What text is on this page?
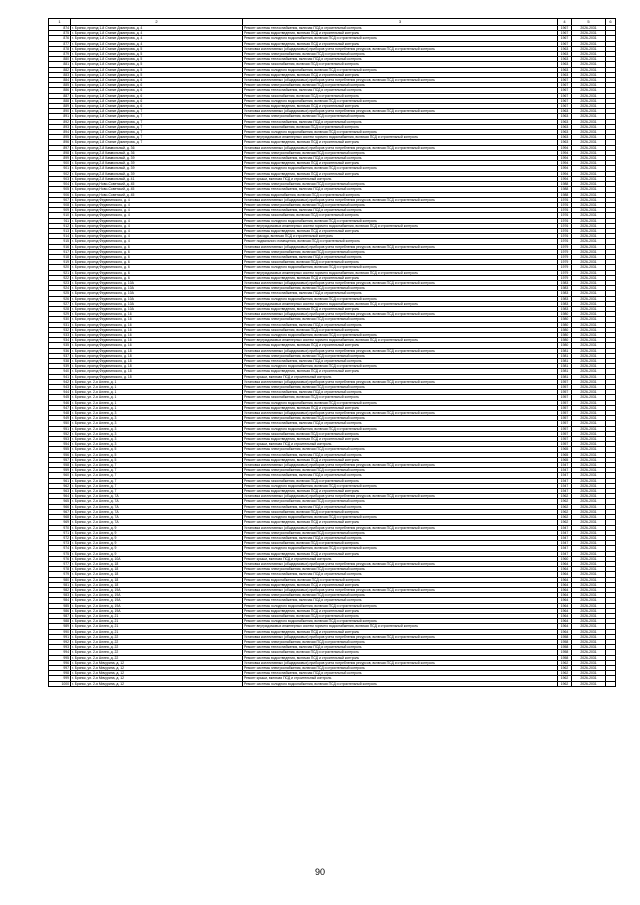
1	2	3	4	5	6
874	г. Брянск, проезд 1-й Станке Димитрова, д. 4	Ремонт системы теплоснабжения, включая ПСД и строительный контроль	1967	2026-2031	
875	г. Брянск, проезд 1-й Станке Димитрова, д. 4	Ремонт системы водоотведения, включая ПСД и строительный контроль	1967	2026-2031	
876	г. Брянск, проезд 1-й Станке Димитрова, д. 4	Ремонт системы холодного водоснабжения, включая ПСД и строительный контроль	1967	2026-2031	
877	г. Брянск, проезд 1-й Станке Димитрова, д. 4	Ремонт системы водоотведения, включая ПСД и строительный контроль	1967	2026-2031	
878	г. Брянск, проезд 1-й Станке Димитрова, д. 5	Установка коллективных (общедомовых) приборов учета потребления ресурсов, включая ПСД и строительный контроль	1963	2026-2031	
879	г. Брянск, проезд 1-й Станке Димитрова, д. 5	Ремонт системы электроснабжения, включая ПСД и строительный контроль	1963	2026-2031	
880	г. Брянск, проезд 1-й Станке Димитрова, д. 5	Ремонт системы теплоснабжения, включая ПСД и строительный контроль	1963	2026-2031	
881	г. Брянск, проезд 1-й Станке Димитрова, д. 5	Ремонт системы газоснабжения, включая ПСД и строительный контроль	1963	2026-2031	
882	г. Брянск, проезд 1-й Станке Димитрова, д. 5	Ремонт системы холодного водоснабжения, включая ПСД и строительный контроль	1963	2026-2031	
883	г. Брянск, проезд 1-й Станке Димитрова, д. 5	Ремонт системы водоотведения, включая ПСД и строительный контроль	1963	2026-2031	
884	г. Брянск, проезд 1-й Станке Димитрова, д. 6	Установка коллективных (общедомовых) приборов учета потребления ресурсов, включая ПСД и строительный контроль	1967	2026-2031	
885	г. Брянск, проезд 1-й Станке Димитрова, д. 6	Ремонт системы электроснабжения, включая ПСД и строительный контроль	1967	2026-2031	
886	г. Брянск, проезд 1-й Станке Димитрова, д. 6	Ремонт системы теплоснабжения, включая ПСД и строительный контроль	1967	2026-2031	
887	г. Брянск, проезд 1-й Станке Димитрова, д. 6	Ремонт системы газоснабжения, включая ПСД и строительный контроль	1967	2026-2031	
888	г. Брянск, проезд 1-й Станке Димитрова, д. 6	Ремонт системы холодного водоснабжения, включая ПСД и строительный контроль	1967	2026-2031	
889	г. Брянск, проезд 1-й Станке Димитрова, д. 6	Ремонт системы водоотведения, включая ПСД и строительный контроль	1967	2026-2031	
890	г. Брянск, проезд 1-й Станке Димитрова, д. 7	Установка коллективных (общедомовых) приборов учета потребления ресурсов, включая ПСД и строительный контроль	1963	2026-2031	
891	г. Брянск, проезд 1-й Станке Димитрова, д. 7	Ремонт системы электроснабжения, включая ПСД и строительный контроль	1963	2026-2031	
892	г. Брянск, проезд 1-й Станке Димитрова, д. 7	Ремонт системы теплоснабжения, включая ПСД и строительный контроль	1963	2026-2031	
893	г. Брянск, проезд 1-й Станке Димитрова, д. 7	Ремонт системы газоснабжения, включая ПСД и строительный контроль	1963	2026-2031	
894	г. Брянск, проезд 1-й Станке Димитрова, д. 7	Ремонт системы холодного водоснабжения, включая ПСД и строительный контроль	1963	2026-2031	
895	г. Брянск, проезд 1-й Станке Димитрова, д. 7	Ремонт внутридомовых инженерных систем горячего водоснабжения, включая ПСД и строительный контроль	1963	2026-2031	
896	г. Брянск, проезд 1-й Станке Димитрова, д. 7	Ремонт системы водоотведения, включая ПСД и строительный контроль	1963	2026-2031	
897	г. Брянск, проезд 2-й Камвольный, д. 36	Установка коллективных (общедомовых) приборов учета потребления ресурсов, включая ПСД и строительный контроль	1994	2026-2031	
898	г. Брянск, проезд 2-й Камвольный, д. 36	Ремонт системы электроснабжения, включая ПСД и строительный контроль	1994	2026-2031	
899	г. Брянск, проезд 2-й Камвольный, д. 39	Ремонт системы теплоснабжения, включая ПСД и строительный контроль	1994	2026-2031	
900	г. Брянск, проезд 2-й Камвольный, д. 39	Ремонт системы водоотведения, включая ПСД и строительный контроль	1994	2026-2031	
901	г. Брянск, проезд 2-й Камвольный, д. 39	Ремонт системы холодного водоснабжения, включая ПСД и строительный контроль	1994	2026-2031	
902	г. Брянск, проезд 2-й Камвольный, д. 39	Ремонт системы водоотведения, включая ПСД и строительный контроль	1994	2026-2031	
903	г. Брянск, проезд 2-й Камвольный, д. 41	Ремонт крыши, включая ПСД и строительный контроль	1994	2026-2031	
904	г. Брянск, проезд Ново-Советский, д. 45	Ремонт системы электроснабжения, включая ПСД и строительный контроль	1988	2026-2031	
905	г. Брянск, проезд Ново-Советский, д. 45	Ремонт системы теплоснабжения, включая ПСД и строительный контроль	1988	2026-2031	
906	г. Брянск, проезд Ново-Советский, д. 45	Ремонт системы водоснабжения, включая ПСД и строительный контроль	1988	2026-2031	
907	г. Брянск, проезд Федюнинского, д. 4	Установка коллективных (общедомовых) приборов учета потребления ресурсов, включая ПСД и строительный контроль	1976	2026-2031	
908	г. Брянск, проезд Федюнинского, д. 4	Ремонт системы электроснабжения, включая ПСД и строительный контроль	1976	2026-2031	
909	г. Брянск, проезд Федюнинского, д. 4	Ремонт системы теплоснабжения, включая ПСД и строительный контроль	1976	2026-2031	
910	г. Брянск, проезд Федюнинского, д. 4	Ремонт системы газоснабжения, включая ПСД и строительный контроль	1976	2026-2031	
911	г. Брянск, проезд Федюнинского, д. 4	Ремонт системы холодного водоснабжения, включая ПСД и строительный контроль	1976	2026-2031	
912	г. Брянск, проезд Федюнинского, д. 4	Ремонт внутридомовых инженерных систем горячего водоснабжения, включая ПСД и строительный контроль	1976	2026-2031	
913	г. Брянск, проезд Федюнинского, д. 4	Ремонт системы водоотведения, включая ПСД и строительный контроль	1976	2026-2031	
914	г. Брянск, проезд Федюнинского, д. 4	Ремонт фасада, включая ПСД и строительный контроль	1976	2026-2031	
915	г. Брянск, проезд Федюнинского, д. 4	Ремонт подвального помещения, включая ПСД и строительный контроль	1976	2026-2031	
916	г. Брянск, проезд Федюнинского, д. 6	Установка коллективных (общедомовых) приборов учета потребления ресурсов, включая ПСД и строительный контроль	1979	2026-2031	
917	г. Брянск, проезд Федюнинского, д. 6	Ремонт системы электроснабжения, включая ПСД и строительный контроль	1979	2026-2031	
918	г. Брянск, проезд Федюнинского, д. 6	Ремонт системы теплоснабжения, включая ПСД и строительный контроль	1979	2026-2031	
919	г. Брянск, проезд Федюнинского, д. 6	Ремонт системы газоснабжения, включая ПСД и строительный контроль	1979	2026-2031	
920	г. Брянск, проезд Федюнинского, д. 6	Ремонт системы холодного водоснабжения, включая ПСД и строительный контроль	1979	2026-2031	
921	г. Брянск, проезд Федюнинского, д. 6	Ремонт внутридомовых инженерных систем горячего водоснабжения, включая ПСД и строительный контроль	1979	2026-2031	
922	г. Брянск, проезд Федюнинского, д. 6	Ремонт системы водоотведения, включая ПСД и строительный контроль	1979	2026-2031	
923	г. Брянск, проезд Федюнинского, д. 10А	Установка коллективных (общедомовых) приборов учета потребления ресурсов, включая ПСД и строительный контроль	1983	2026-2031	
924	г. Брянск, проезд Федюнинского, д. 10А	Ремонт системы электроснабжения, включая ПСД и строительный контроль	1983	2026-2031	
925	г. Брянск, проезд Федюнинского, д. 10А	Ремонт системы теплоснабжения, включая ПСД и строительный контроль	1983	2026-2031	
926	г. Брянск, проезд Федюнинского, д. 10А	Ремонт системы холодного водоснабжения, включая ПСД и строительный контроль	1983	2026-2031	
927	г. Брянск, проезд Федюнинского, д. 10А	Ремонт внутридомовых инженерных систем горячего водоснабжения, включая ПСД и строительный контроль	1983	2026-2031	
928	г. Брянск, проезд Федюнинского, д. 10А	Ремонт системы водоотведения, включая ПСД и строительный контроль	1983	2026-2031	
929	г. Брянск, проезд Федюнинского, д. 16	Установка коллективных (общедомовых) приборов учета потребления ресурсов, включая ПСД и строительный контроль	1980	2026-2031	
930	г. Брянск, проезд Федюнинского, д. 16	Ремонт системы электроснабжения, включая ПСД и строительный контроль	1980	2026-2031	
931	г. Брянск, проезд Федюнинского, д. 16	Ремонт системы теплоснабжения, включая ПСД и строительный контроль	1980	2026-2031	
932	г. Брянск, проезд Федюнинского, д. 16	Ремонт системы газоснабжения, включая ПСД и строительный контроль	1980	2026-2031	
933	г. Брянск, проезд Федюнинского, д. 16	Ремонт системы холодного водоснабжения, включая ПСД и строительный контроль	1980	2026-2031	
934	г. Брянск, проезд Федюнинского, д. 16	Ремонт внутридомовых инженерных систем горячего водоснабжения, включая ПСД и строительный контроль	1980	2026-2031	
935	г. Брянск, проезд Федюнинского, д. 16	Ремонт системы водоотведения, включая ПСД и строительный контроль	1980	2026-2031	
936	г. Брянск, проезд Федюнинского, д. 18	Установка коллективных (общедомовых) приборов учета потребления ресурсов, включая ПСД и строительный контроль	1981	2026-2031	
937	г. Брянск, проезд Федюнинского, д. 18	Ремонт системы электроснабжения, включая ПСД и строительный контроль	1981	2026-2031	
938	г. Брянск, проезд Федюнинского, д. 18	Ремонт системы теплоснабжения, включая ПСД и строительный контроль	1981	2026-2031	
939	г. Брянск, проезд Федюнинского, д. 18	Ремонт системы холодного водоснабжения, включая ПСД и строительный контроль	1981	2026-2031	
940	г. Брянск, проезд Федюнинского, д. 18	Ремонт системы водоотведения, включая ПСД и строительный контроль	1981	2026-2031	
941	г. Брянск, проезд Федюнинского, д. 18	Ремонт крыши, включая ПСД и строительный контроль	1981	2026-2031	
942	г. Брянск, ул. 2-я Аллея, д. 1	Установка коллективных (общедомовых) приборов учета потребления ресурсов, включая ПСД и строительный контроль	1957	2026-2031	
943	г. Брянск, ул. 2-я Аллея, д. 1	Ремонт системы электроснабжения, включая ПСД и строительный контроль	1957	2026-2031	
944	г. Брянск, ул. 2-я Аллея, д. 1	Ремонт системы теплоснабжения, включая ПСД и строительный контроль	1957	2026-2031	
945	г. Брянск, ул. 2-я Аллея, д. 1	Ремонт системы газоснабжения, включая ПСД и строительный контроль	1957	2026-2031	
946	г. Брянск, ул. 2-я Аллея, д. 1	Ремонт системы холодного водоснабжения, включая ПСД и строительный контроль	1957	2026-2031	
947	г. Брянск, ул. 2-я Аллея, д. 1	Ремонт системы водоотведения, включая ПСД и строительный контроль	1957	2026-2031	
948	г. Брянск, ул. 2-я Аллея, д. 3	Установка коллективных (общедомовых) приборов учета потребления ресурсов, включая ПСД и строительный контроль	1957	2026-2031	
949	г. Брянск, ул. 2-я Аллея, д. 3	Ремонт системы электроснабжения, включая ПСД и строительный контроль	1957	2026-2031	
950	г. Брянск, ул. 2-я Аллея, д. 3	Ремонт системы теплоснабжения, включая ПСД и строительный контроль	1957	2026-2031	
951	г. Брянск, ул. 2-я Аллея, д. 3	Ремонт системы холодного водоснабжения, включая ПСД и строительный контроль	1957	2026-2031	
952	г. Брянск, ул. 2-я Аллея, д. 3	Ремонт системы газоснабжения, включая ПСД и строительный контроль	1957	2026-2031	
953	г. Брянск, ул. 2-я Аллея, д. 3	Ремонт системы водоотведения, включая ПСД и строительный контроль	1957	2026-2031	
954	г. Брянск, ул. 2-я Аллея, д. 3	Ремонт крыши, включая ПСД и строительный контроль	1957	2026-2031	
955	г. Брянск, ул. 2-я Аллея, д. 5	Ремонт системы электроснабжения, включая ПСД и строительный контроль	1965	2026-2031	
956	г. Брянск, ул. 2-я Аллея, д. 5	Ремонт системы теплоснабжения, включая ПСД и строительный контроль	1965	2026-2031	
957	г. Брянск, ул. 2-я Аллея, д. 5	Ремонт системы водоотведения, включая ПСД и строительный контроль	1965	2026-2031	
958	г. Брянск, ул. 2-я Аллея, д. 7	Установка коллективных (общедомовых) приборов учета потребления ресурсов, включая ПСД и строительный контроль	1947	2026-2031	
959	г. Брянск, ул. 2-я Аллея, д. 7	Ремонт системы электроснабжения, включая ПСД и строительный контроль	1947	2026-2031	
960	г. Брянск, ул. 2-я Аллея, д. 7	Ремонт системы теплоснабжения, включая ПСД и строительный контроль	1947	2026-2031	
961	г. Брянск, ул. 2-я Аллея, д. 7	Ремонт системы газоснабжения, включая ПСД и строительный контроль	1947	2026-2031	
962	г. Брянск, ул. 2-я Аллея, д. 7	Ремонт системы холодного водоснабжения, включая ПСД и строительный контроль	1947	2026-2031	
963	г. Брянск, ул. 2-я Аллея, д. 7	Ремонт системы водоотведения, включая ПСД и строительный контроль	1947	2026-2031	
964	г. Брянск, ул. 2-я Аллея, д. 7А	Установка коллективных (общедомовых) приборов учета потребления ресурсов, включая ПСД и строительный контроль	1962	2026-2031	
965	г. Брянск, ул. 2-я Аллея, д. 7А	Ремонт системы электроснабжения, включая ПСД и строительный контроль	1962	2026-2031	
966	г. Брянск, ул. 2-я Аллея, д. 7А	Ремонт системы теплоснабжения, включая ПСД и строительный контроль	1962	2026-2031	
967	г. Брянск, ул. 2-я Аллея, д. 7А	Ремонт системы газоснабжения, включая ПСД и строительный контроль	1962	2026-2031	
968	г. Брянск, ул. 2-я Аллея, д. 7А	Ремонт системы холодного водоснабжения, включая ПСД и строительный контроль	1962	2026-2031	
969	г. Брянск, ул. 2-я Аллея, д. 7А	Ремонт системы водоотведения, включая ПСД и строительный контроль	1962	2026-2031	
970	г. Брянск, ул. 2-я Аллея, д. 9	Установка коллективных (общедомовых) приборов учета потребления ресурсов, включая ПСД и строительный контроль	1947	2026-2031	
971	г. Брянск, ул. 2-я Аллея, д. 9	Ремонт системы электроснабжения, включая ПСД и строительный контроль	1947	2026-2031	
972	г. Брянск, ул. 2-я Аллея, д. 9	Ремонт системы теплоснабжения, включая ПСД и строительный контроль	1947	2026-2031	
973	г. Брянск, ул. 2-я Аллея, д. 9	Ремонт системы газоснабжения, включая ПСД и строительный контроль	1947	2026-2031	
974	г. Брянск, ул. 2-я Аллея, д. 9	Ремонт системы холодного водоснабжения, включая ПСД и строительный контроль	1947	2026-2031	
975	г. Брянск, ул. 2-я Аллея, д. 9	Ремонт системы водоотведения, включая ПСД и строительный контроль	1947	2026-2031	
976	г. Брянск, ул. 2-я Аллея, д. 10А	Ремонт крыши, включая ПСД и строительный контроль	1960	2026-2031	
977	г. Брянск, ул. 2-я Аллея, д. 18	Установка коллективных (общедомовых) приборов учета потребления ресурсов, включая ПСД и строительный контроль	1964	2026-2031	
978	г. Брянск, ул. 2-я Аллея, д. 18	Ремонт системы электроснабжения, включая ПСД и строительный контроль	1964	2026-2031	
979	г. Брянск, ул. 2-я Аллея, д. 18	Ремонт системы теплоснабжения, включая ПСД и строительный контроль	1964	2026-2031	
980	г. Брянск, ул. 2-я Аллея, д. 18	Ремонт системы водоснабжения, включая ПСД и строительный контроль	1964	2026-2031	
981	г. Брянск, ул. 2-я Аллея, д. 18	Ремонт системы водоотведения, включая ПСД и строительный контроль	1964	2026-2031	
982	г. Брянск, ул. 2-я Аллея, д. 19А	Установка коллективных (общедомовых) приборов учета потребления ресурсов, включая ПСД и строительный контроль	1964	2026-2031	
983	г. Брянск, ул. 2-я Аллея, д. 19А	Ремонт системы электроснабжения, включая ПСД и строительный контроль	1964	2026-2031	
984	г. Брянск, ул. 2-я Аллея, д. 19А	Ремонт системы теплоснабжения, включая ПСД и строительный контроль	1964	2026-2031	
985	г. Брянск, ул. 2-я Аллея, д. 19А	Ремонт системы холодного водоснабжения, включая ПСД и строительный контроль	1964	2026-2031	
986	г. Брянск, ул. 2-я Аллея, д. 19А	Ремонт системы водоотведения, включая ПСД и строительный контроль	1964	2026-2031	
987	г. Брянск, ул. 2-я Аллея, д. 21	Ремонт системы газоснабжения, включая ПСД и строительный контроль	1964	2026-2031	
988	г. Брянск, ул. 2-я Аллея, д. 21	Ремонт системы холодного водоснабжения, включая ПСД и строительный контроль	1964	2026-2031	
989	г. Брянск, ул. 2-я Аллея, д. 21	Ремонт внутридомовых инженерных систем горячего водоснабжения, включая ПСД и строительный контроль	1964	2026-2031	
990	г. Брянск, ул. 2-я Аллея, д. 21	Ремонт системы водоотведения, включая ПСД и строительный контроль	1964	2026-2031	
991	г. Брянск, ул. 2-я Аллея, д. 22	Установка коллективных (общедомовых) приборов учета потребления ресурсов, включая ПСД и строительный контроль	1958	2026-2031	
992	г. Брянск, ул. 2-я Аллея, д. 22	Ремонт системы электроснабжения, включая ПСД и строительный контроль	1958	2026-2031	
993	г. Брянск, ул. 2-я Аллея, д. 22	Ремонт системы теплоснабжения, включая ПСД и строительный контроль	1958	2026-2031	
994	г. Брянск, ул. 2-я Аллея, д. 22	Ремонт системы газоснабжения, включая ПСД и строительный контроль	1958	2026-2031	
995	г. Брянск, ул. 2-я Аллея, д. 22	Ремонт системы водоотведения, включая ПСД и строительный контроль	1958	2026-2031	
996	г. Брянск, ул. 2-я Мичурина, д. 12	Установка коллективных (общедомовых) приборов учета потребления ресурсов, включая ПСД и строительный контроль	1962	2026-2031	
997	г. Брянск, ул. 2-я Мичурина, д. 12	Ремонт системы электроснабжения, включая ПСД и строительный контроль	1962	2026-2031	
998	г. Брянск, ул. 2-я Мичурина, д. 12	Ремонт системы теплоснабжения, включая ПСД и строительный контроль	1962	2026-2031	
999	г. Брянск, ул. 2-я Мичурина, д. 12	Ремонт крыши, включая ПСД и строительный контроль	1962	2026-2031	
1000	г. Брянск, ул. 2-я Мичурина, д. 12	Ремонт системы холодного водоснабжения, включая ПСД и строительный контроль	1962	2026-2031	
90
